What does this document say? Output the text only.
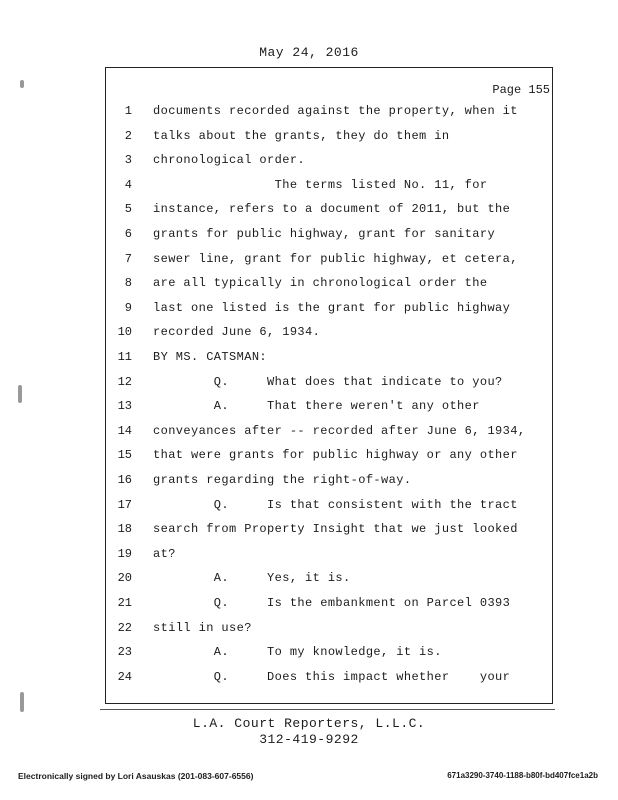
May 24, 2016
Page 155
1 documents recorded against the property, when it
2 talks about the grants, they do them in
3 chronological order.
4 The terms listed No. 11, for
5 instance, refers to a document of 2011, but the
6 grants for public highway, grant for sanitary
7 sewer line, grant for public highway, et cetera,
8 are all typically in chronological order the
9 last one listed is the grant for public highway
10 recorded June 6, 1934.
11 BY MS. CATSMAN:
12 Q.     What does that indicate to you?
13 A.     That there weren't any other
14 conveyances after -- recorded after June 6, 1934,
15 that were grants for public highway or any other
16 grants regarding the right-of-way.
17 Q.     Is that consistent with the tract
18 search from Property Insight that we just looked
19 at?
20 A.     Yes, it is.
21 Q.     Is the embankment on Parcel 0393
22 still in use?
23 A.     To my knowledge, it is.
24 Q.     Does this impact whether    your
L.A. Court Reporters, L.L.C.
312-419-9292
Electronically signed by Lori Asauskas (201-083-607-6556)	671a3290-3740-1188-b80f-bd407fce1a2b
